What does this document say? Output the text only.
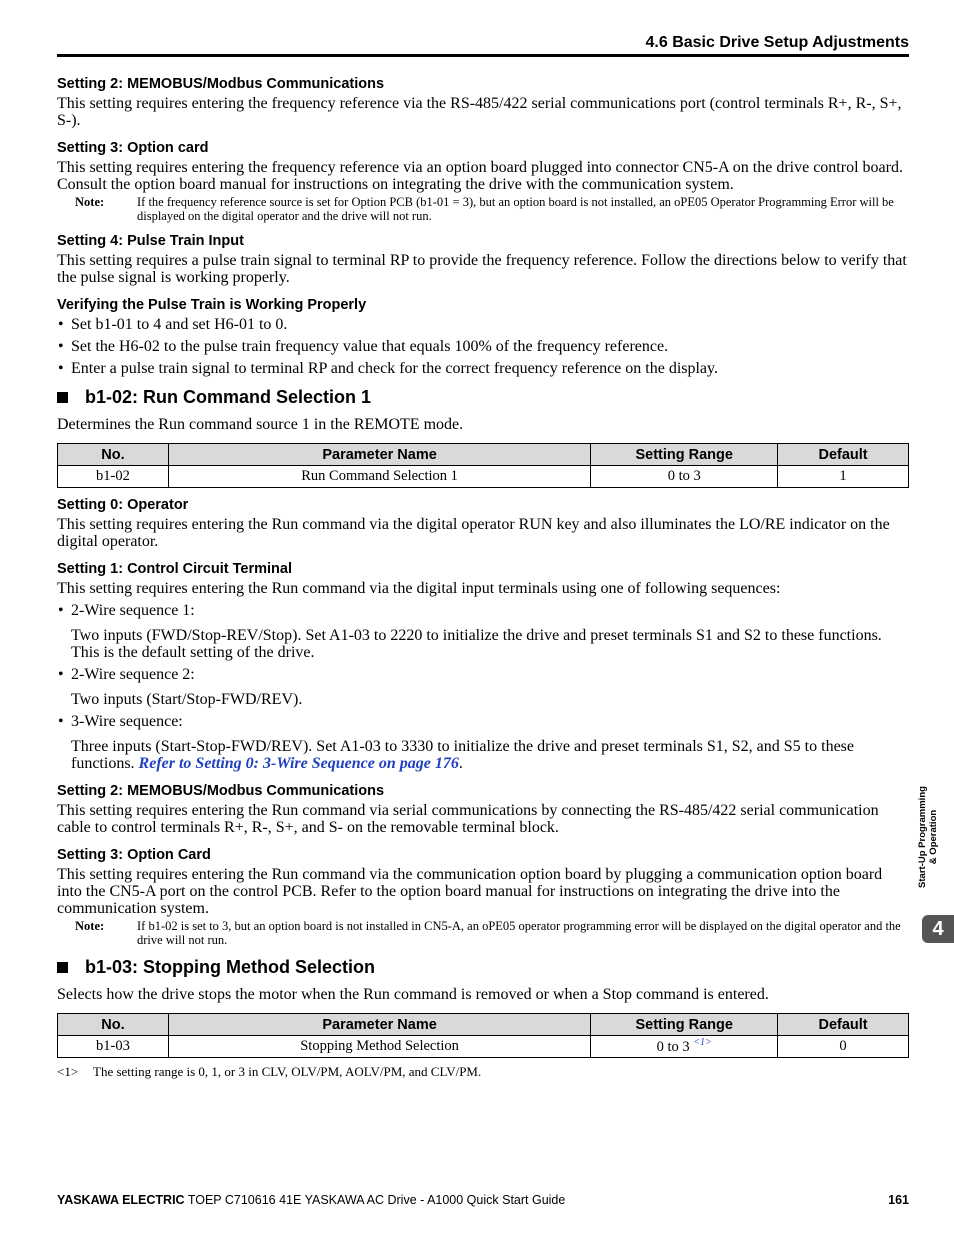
4.6 Basic Drive Setup Adjustments
Setting 2: MEMOBUS/Modbus Communications

This setting requires entering the frequency reference via the RS-485/422 serial communications port (control terminals R+, R-, S+, S-).

Setting 3: Option card

This setting requires entering the frequency reference via an option board plugged into connector CN5-A on the drive control board. Consult the option board manual for instructions on integrating the drive with the communication system.

Note:	If the frequency reference source is set for Option PCB (b1-01 = 3), but an option board is not installed, an oPE05 Operator Programming Error will be displayed on the digital operator and the drive will not run.
Setting 4: Pulse Train Input

This setting requires a pulse train signal to terminal RP to provide the frequency reference. Follow the directions below to verify that the pulse signal is working properly.

Verifying the Pulse Train is Working Properly
• Set b1-01 to 4 and set H6-01 to 0.
• Set the H6-02 to the pulse train frequency value that equals 100% of the frequency reference.
• Enter a pulse train signal to terminal RP and check for the correct frequency reference on the display.
b1-02: Run Command Selection 1

Determines the Run command source 1 in the REMOTE mode.

No.	Parameter Name	Setting Range	Default
b1-02	Run Command Selection 1	0 to 3	1
Setting 0: Operator

This setting requires entering the Run command via the digital operator RUN key and also illuminates the LO/RE indicator on the digital operator.

Setting 1: Control Circuit Terminal

This setting requires entering the Run command via the digital input terminals using one of following sequences:

• 2-Wire sequence 1:

Two inputs (FWD/Stop-REV/Stop). Set A1-03 to 2220 to initialize the drive and preset terminals S1 and S2 to these functions. This is the default setting of the drive.

• 2-Wire sequence 2:

Two inputs (Start/Stop-FWD/REV).

• 3-Wire sequence:

Three inputs (Start-Stop-FWD/REV). Set A1-03 to 3330 to initialize the drive and preset terminals S1, S2, and S5 to these functions. Refer to Setting 0: 3-Wire Sequence on page 176.

Setting 2: MEMOBUS/Modbus Communications

This setting requires entering the Run command via serial communications by connecting the RS-485/422 serial communication cable to control terminals R+, R-, S+, and S- on the removable terminal block.

Setting 3: Option Card

This setting requires entering the Run command via the communication option board by plugging a communication option board into the CN5-A port on the control PCB. Refer to the option board manual for instructions on integrating the drive into the communication system.

Note:	If b1-02 is set to 3, but an option board is not installed in CN5-A, an oPE05 operator programming error will be displayed on the digital operator and the drive will not run.
b1-03: Stopping Method Selection

Selects how the drive stops the motor when the Run command is removed or when a Stop command is entered.

No.	Parameter Name	Setting Range	Default
b1-03	Stopping Method Selection	0 to 3 $^{<1>}$	0
<1>	The setting range is 0, 1, or 3 in CLV, OLV/PM, AOLV/PM, and CLV/PM.
Start-Up Programming & Operation
4
YASKAWA ELECTRIC TOEP C710616 41E YASKAWA AC Drive - A1000 Quick Start Guide	161
